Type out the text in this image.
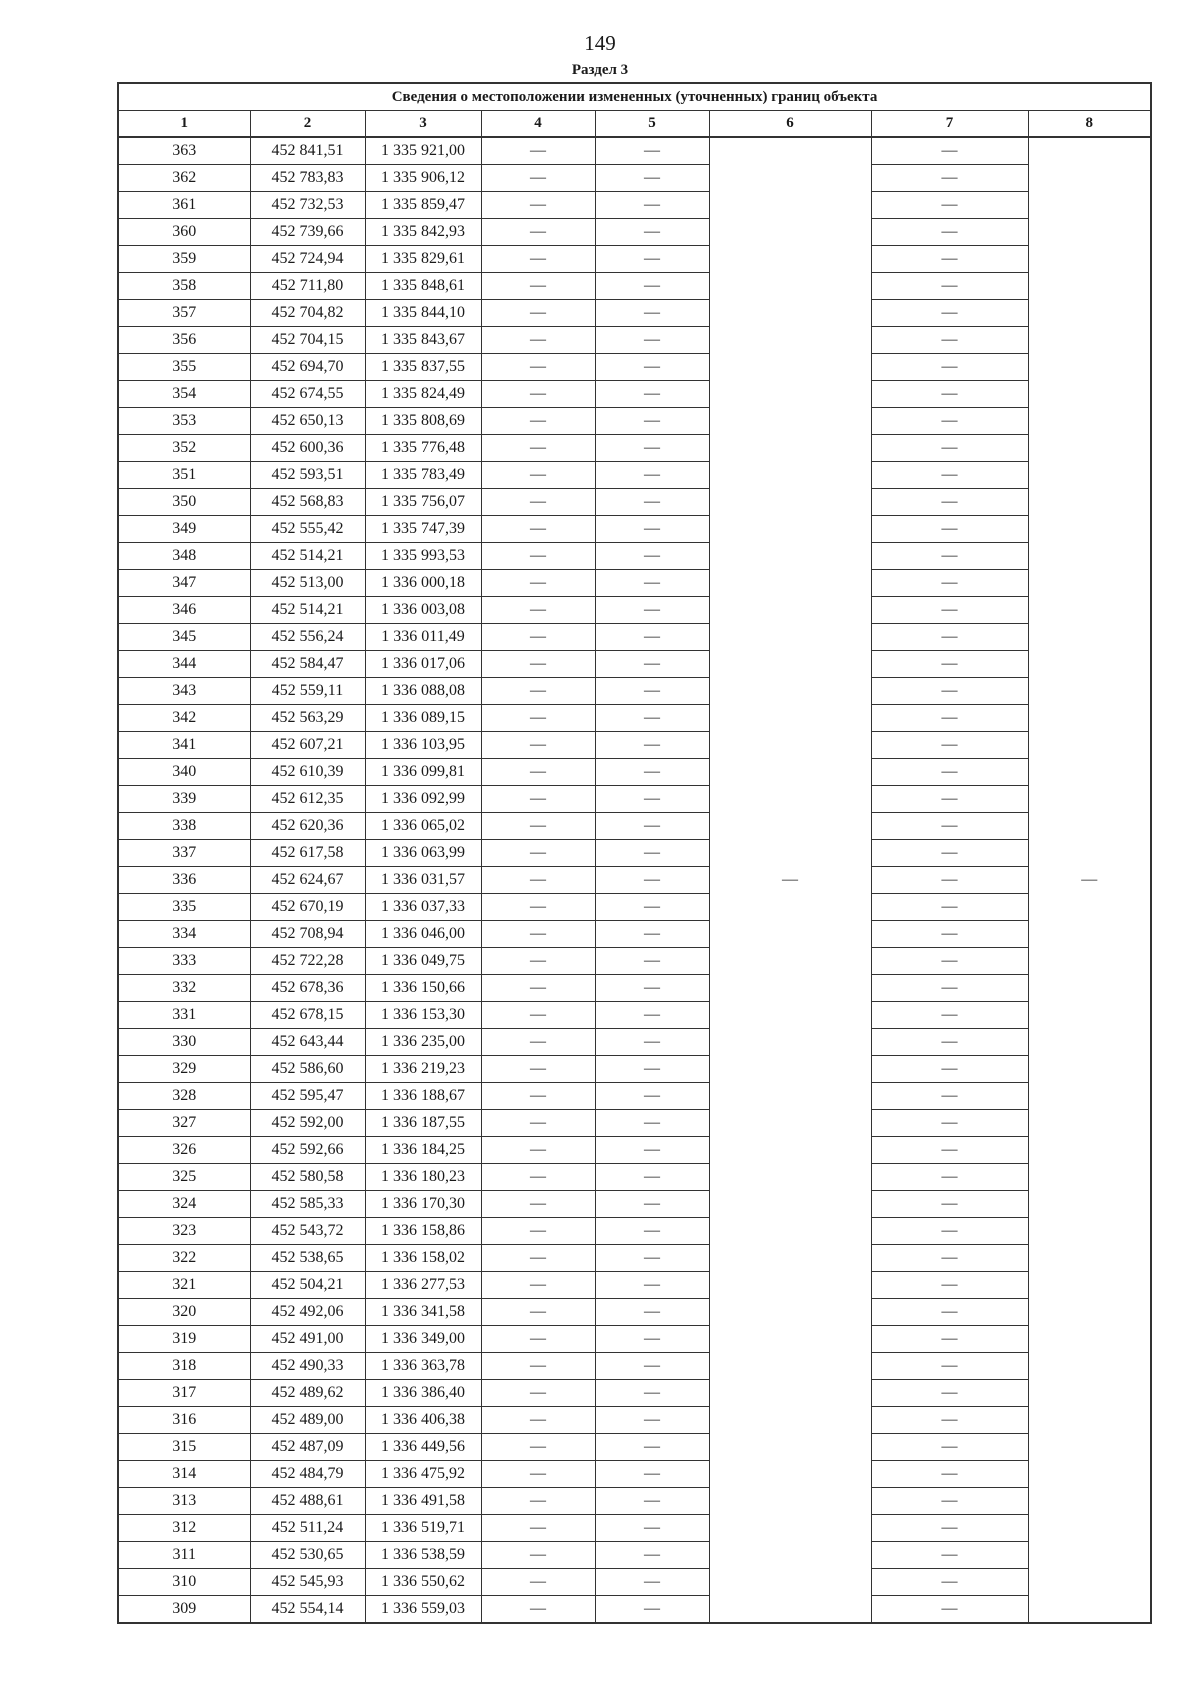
149
Раздел 3
Сведения о местоположении измененных (уточненных) границ объекта							
1	2	3	4	5	6	7	8
363	452 841,51	1 335 921,00	—	—	—	—	—
362	452 783,83	1 335 906,12	—	—		—	
361	452 732,53	1 335 859,47	—	—		—	
360	452 739,66	1 335 842,93	—	—		—	
359	452 724,94	1 335 829,61	—	—		—	
358	452 711,80	1 335 848,61	—	—		—	
357	452 704,82	1 335 844,10	—	—		—	
356	452 704,15	1 335 843,67	—	—		—	
355	452 694,70	1 335 837,55	—	—		—	
354	452 674,55	1 335 824,49	—	—		—	
353	452 650,13	1 335 808,69	—	—		—	
352	452 600,36	1 335 776,48	—	—		—	
351	452 593,51	1 335 783,49	—	—		—	
350	452 568,83	1 335 756,07	—	—		—	
349	452 555,42	1 335 747,39	—	—		—	
348	452 514,21	1 335 993,53	—	—		—	
347	452 513,00	1 336 000,18	—	—		—	
346	452 514,21	1 336 003,08	—	—		—	
345	452 556,24	1 336 011,49	—	—		—	
344	452 584,47	1 336 017,06	—	—		—	
343	452 559,11	1 336 088,08	—	—		—	
342	452 563,29	1 336 089,15	—	—		—	
341	452 607,21	1 336 103,95	—	—		—	
340	452 610,39	1 336 099,81	—	—		—	
339	452 612,35	1 336 092,99	—	—		—	
338	452 620,36	1 336 065,02	—	—		—	
337	452 617,58	1 336 063,99	—	—		—	
336	452 624,67	1 336 031,57	—	—		—	
335	452 670,19	1 336 037,33	—	—		—	
334	452 708,94	1 336 046,00	—	—		—	
333	452 722,28	1 336 049,75	—	—		—	
332	452 678,36	1 336 150,66	—	—		—	
331	452 678,15	1 336 153,30	—	—		—	
330	452 643,44	1 336 235,00	—	—		—	
329	452 586,60	1 336 219,23	—	—		—	
328	452 595,47	1 336 188,67	—	—		—	
327	452 592,00	1 336 187,55	—	—		—	
326	452 592,66	1 336 184,25	—	—		—	
325	452 580,58	1 336 180,23	—	—		—	
324	452 585,33	1 336 170,30	—	—		—	
323	452 543,72	1 336 158,86	—	—		—	
322	452 538,65	1 336 158,02	—	—		—	
321	452 504,21	1 336 277,53	—	—		—	
320	452 492,06	1 336 341,58	—	—		—	
319	452 491,00	1 336 349,00	—	—		—	
318	452 490,33	1 336 363,78	—	—		—	
317	452 489,62	1 336 386,40	—	—		—	
316	452 489,00	1 336 406,38	—	—		—	
315	452 487,09	1 336 449,56	—	—		—	
314	452 484,79	1 336 475,92	—	—		—	
313	452 488,61	1 336 491,58	—	—		—	
312	452 511,24	1 336 519,71	—	—		—	
311	452 530,65	1 336 538,59	—	—		—	
310	452 545,93	1 336 550,62	—	—		—	
309	452 554,14	1 336 559,03	—	—		—	
